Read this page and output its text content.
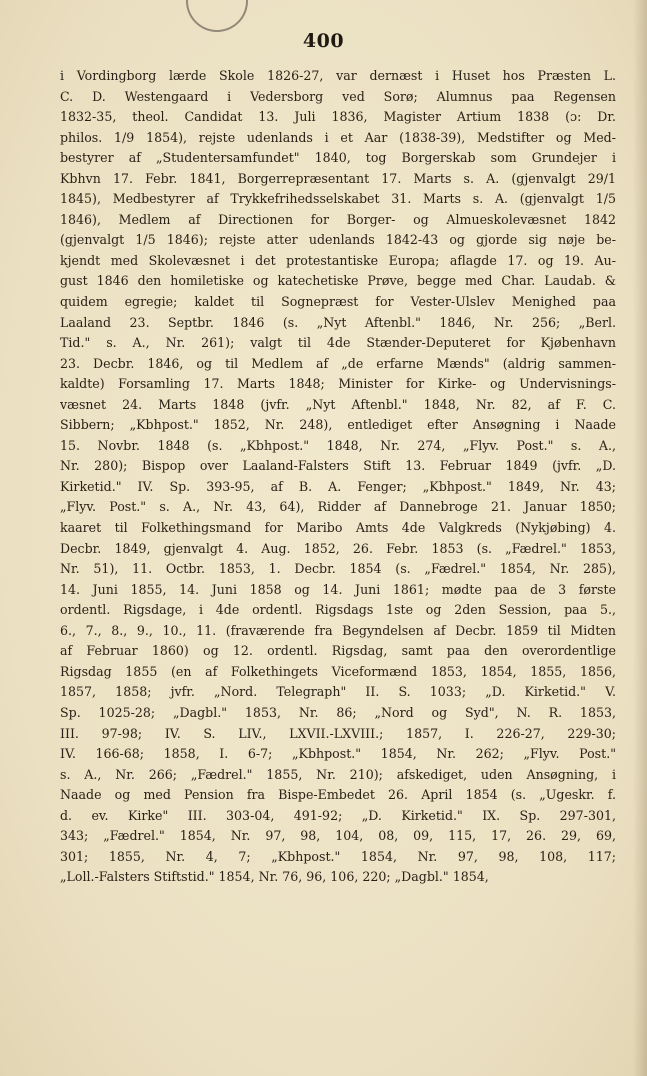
400
i Vordingborg lærde Skole 1826-27, var dernæst i Huset hos Præsten L.
C. D. Westengaard i Vedersborg ved Sorø; Alumnus paa Regensen
1832-35, theol. Candidat 13. Juli 1836, Magister Artium 1838 (ɔ: Dr.
philos. 1/9 1854), rejste udenlands i et Aar (1838-39), Medstifter og Med-
bestyrer af „Studentersamfundet" 1840, tog Borgerskab som Grundejer i
Kbhvn 17. Febr. 1841, Borgerrepræsentant 17. Marts s. A. (gjenvalgt 29/1
1845), Medbestyrer af Trykkefrihedsselskabet 31. Marts s. A. (gjenvalgt 1/5
1846), Medlem af Directionen for Borger- og Almueskolevæsnet 1842
(gjenvalgt 1/5 1846); rejste atter udenlands 1842-43 og gjorde sig nøje be-
kjendt med Skolevæsnet i det protestantiske Europa; aflagde 17. og 19. Au-
gust 1846 den homiletiske og katechetiske Prøve, begge med Char. Laudab. &
quidem egregie; kaldet til Sognepræst for Vester-Ulslev Menighed paa
Laaland 23. Septbr. 1846 (s. „Nyt Aftenbl." 1846, Nr. 256; „Berl.
Tid." s. A., Nr. 261); valgt til 4de Stænder-Deputeret for Kjøbenhavn
23. Decbr. 1846, og til Medlem af „de erfarne Mænds" (aldrig sammen-
kaldte) Forsamling 17. Marts 1848; Minister for Kirke- og Undervisnings-
væsnet 24. Marts 1848 (jvfr. „Nyt Aftenbl." 1848, Nr. 82, af F. C.
Sibbern; „Kbhpost." 1852, Nr. 248), entlediget efter Ansøgning i Naade
15. Novbr. 1848 (s. „Kbhpost." 1848, Nr. 274, „Flyv. Post." s. A.,
Nr. 280); Bispop over Laaland-Falsters Stift 13. Februar 1849 (jvfr. „D.
Kirketid." IV. Sp. 393-95, af B. A. Fenger; „Kbhpost." 1849, Nr. 43;
„Flyv. Post." s. A., Nr. 43, 64), Ridder af Dannebroge 21. Januar 1850;
kaaret til Folkethingsmand for Maribo Amts 4de Valgkreds (Nykjøbing) 4.
Decbr. 1849, gjenvalgt 4. Aug. 1852, 26. Febr. 1853 (s. „Fædrel." 1853,
Nr. 51), 11. Octbr. 1853, 1. Decbr. 1854 (s. „Fædrel." 1854, Nr. 285),
14. Juni 1855, 14. Juni 1858 og 14. Juni 1861; mødte paa de 3 første
ordentl. Rigsdage, i 4de ordentl. Rigsdags 1ste og 2den Session, paa 5.,
6., 7., 8., 9., 10., 11. (fraværende fra Begyndelsen af Decbr. 1859 til Midten
af Februar 1860) og 12. ordentl. Rigsdag, samt paa den overordentlige
Rigsdag 1855 (en af Folkethingets Viceformænd 1853, 1854, 1855, 1856,
1857, 1858; jvfr. „Nord. Telegraph" II. S. 1033; „D. Kirketid." V.
Sp. 1025-28; „Dagbl." 1853, Nr. 86; „Nord og Syd", N. R. 1853,
III. 97-98; IV. S. LIV., LXVII.-LXVIII.; 1857, I. 226-27, 229-30;
IV. 166-68; 1858, I. 6-7; „Kbhpost." 1854, Nr. 262; „Flyv. Post."
s. A., Nr. 266; „Fædrel." 1855, Nr. 210); afskediget, uden Ansøgning, i
Naade og med Pension fra Bispe-Embedet 26. April 1854 (s. „Ugeskr. f.
d. ev. Kirke" III. 303-04, 491-92; „D. Kirketid." IX. Sp. 297-301,
343; „Fædrel." 1854, Nr. 97, 98, 104, 08, 09, 115, 17, 26. 29, 69,
301; 1855, Nr. 4, 7; „Kbhpost." 1854, Nr. 97, 98, 108, 117;
„Loll.-Falsters Stiftstid." 1854, Nr. 76, 96, 106, 220; „Dagbl." 1854,
